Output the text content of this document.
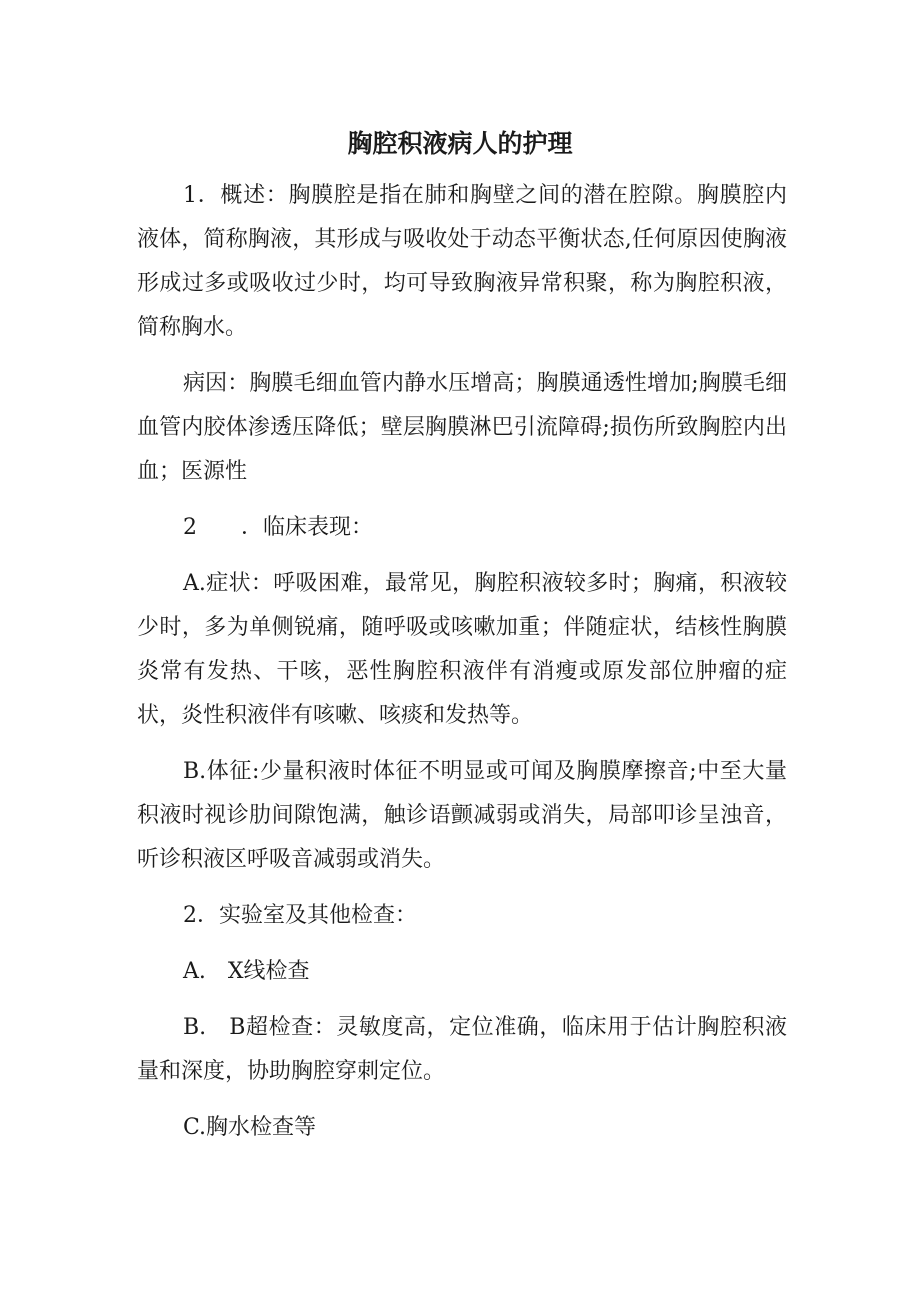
胸腔积液病人的护理

1．概述：胸膜腔是指在肺和胸壁之间的潜在腔隙。胸膜腔内液体，简称胸液，其形成与吸收处于动态平衡状态,任何原因使胸液形成过多或吸收过少时，均可导致胸液异常积聚，称为胸腔积液，简称胸水。

病因：胸膜毛细血管内静水压增高；胸膜通透性增加;胸膜毛细血管内胶体渗透压降低；壁层胸膜淋巴引流障碍;损伤所致胸腔内出血；医源性

2　　．临床表现：

A.症状：呼吸困难，最常见，胸腔积液较多时；胸痛，积液较少时，多为单侧锐痛，随呼吸或咳嗽加重；伴随症状，结核性胸膜炎常有发热、干咳，恶性胸腔积液伴有消瘦或原发部位肿瘤的症状，炎性积液伴有咳嗽、咳痰和发热等。

B.体征:少量积液时体征不明显或可闻及胸膜摩擦音;中至大量积液时视诊肋间隙饱满，触诊语颤减弱或消失，局部叩诊呈浊音，听诊积液区呼吸音减弱或消失。

2．实验室及其他检查：

A.　X线检查

B.　B超检查：灵敏度高，定位准确，临床用于估计胸腔积液量和深度，协助胸腔穿刺定位。

C.胸水检查等
